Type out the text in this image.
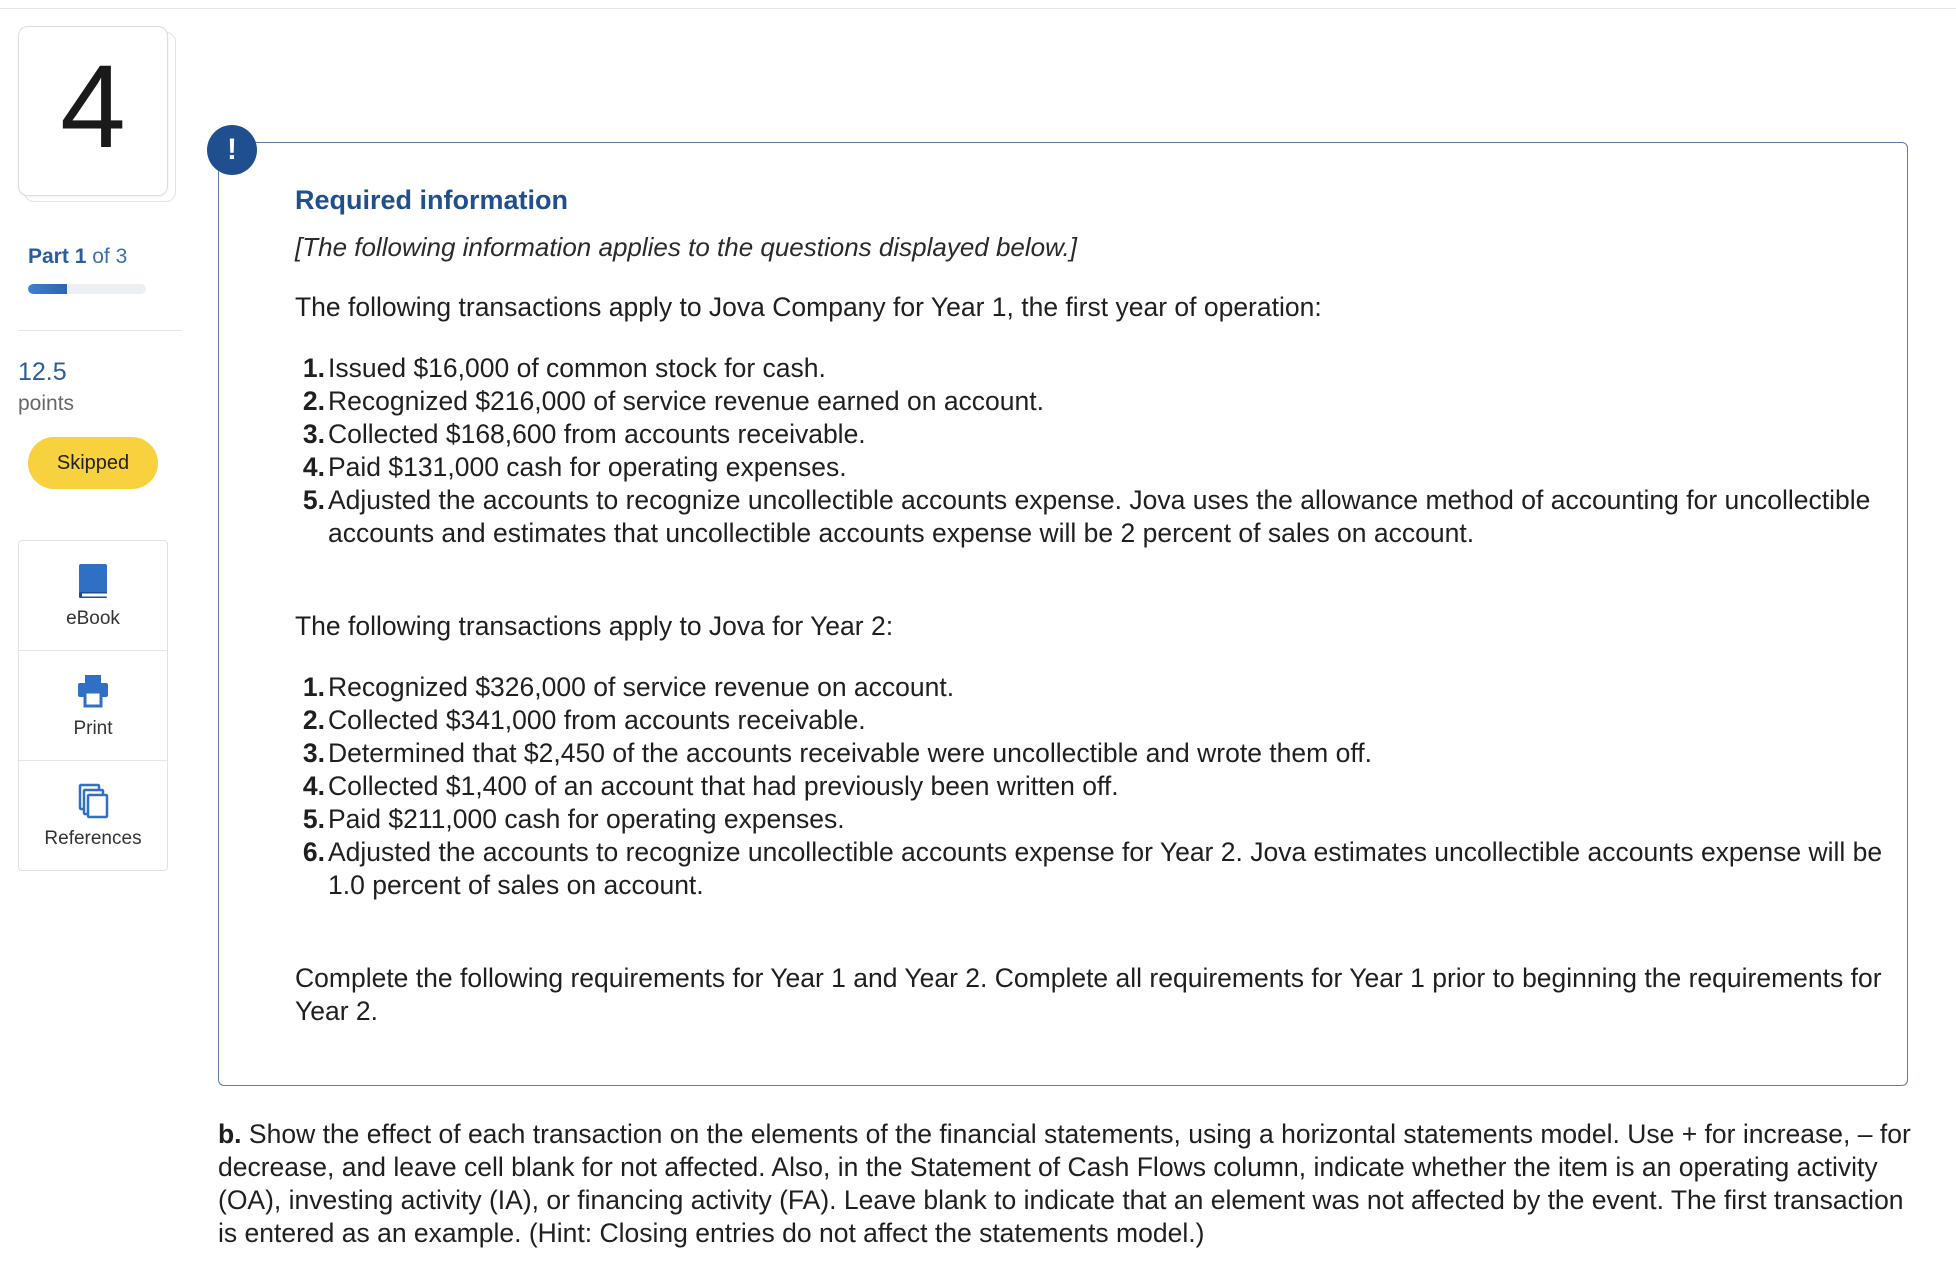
4
Part 1 of 3
12.5
points
Skipped
eBook
Print
References
Required information
[The following information applies to the questions displayed below.]
The following transactions apply to Jova Company for Year 1, the first year of operation:
1. Issued $16,000 of common stock for cash.
2. Recognized $216,000 of service revenue earned on account.
3. Collected $168,600 from accounts receivable.
4. Paid $131,000 cash for operating expenses.
5. Adjusted the accounts to recognize uncollectible accounts expense. Jova uses the allowance method of accounting for uncollectible accounts and estimates that uncollectible accounts expense will be 2 percent of sales on account.
The following transactions apply to Jova for Year 2:
1. Recognized $326,000 of service revenue on account.
2. Collected $341,000 from accounts receivable.
3. Determined that $2,450 of the accounts receivable were uncollectible and wrote them off.
4. Collected $1,400 of an account that had previously been written off.
5. Paid $211,000 cash for operating expenses.
6. Adjusted the accounts to recognize uncollectible accounts expense for Year 2. Jova estimates uncollectible accounts expense will be 1.0 percent of sales on account.
Complete the following requirements for Year 1 and Year 2. Complete all requirements for Year 1 prior to beginning the requirements for Year 2.
!
b. Show the effect of each transaction on the elements of the financial statements, using a horizontal statements model. Use + for increase, – for decrease, and leave cell blank for not affected. Also, in the Statement of Cash Flows column, indicate whether the item is an operating activity (OA), investing activity (IA), or financing activity (FA). Leave blank to indicate that an element was not affected by the event. The first transaction is entered as an example. (Hint: Closing entries do not affect the statements model.)
